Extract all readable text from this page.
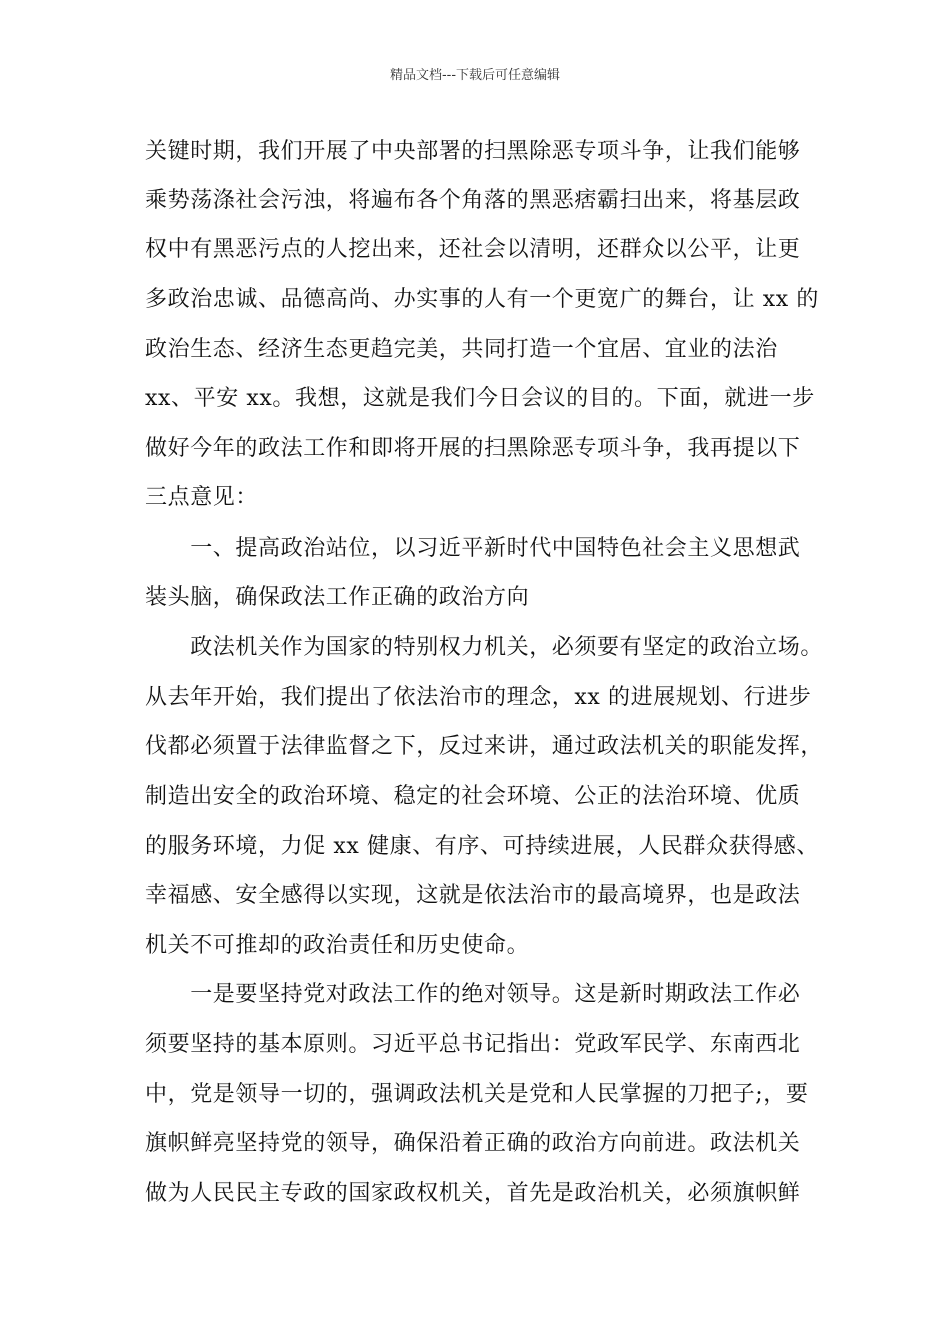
精品文档---下载后可任意编辑
关键时期，我们开展了中央部署的扫黑除恶专项斗争，让我们能够
乘势荡涤社会污浊，将遍布各个角落的黑恶痞霸扫出来，将基层政
权中有黑恶污点的人挖出来，还社会以清明，还群众以公平，让更
多政治忠诚、品德高尚、办实事的人有一个更宽广的舞台，让 xx 的
政治生态、经济生态更趋完美，共同打造一个宜居、宜业的法治
xx、平安 xx。我想，这就是我们今日会议的目的。下面，就进一步
做好今年的政法工作和即将开展的扫黑除恶专项斗争，我再提以下
三点意见：
　　一、提高政治站位，以习近平新时代中国特色社会主义思想武
装头脑，确保政法工作正确的政治方向
　　政法机关作为国家的特别权力机关，必须要有坚定的政治立场。
从去年开始，我们提出了依法治市的理念，xx 的进展规划、行进步
伐都必须置于法律监督之下，反过来讲，通过政法机关的职能发挥，
制造出安全的政治环境、稳定的社会环境、公正的法治环境、优质
的服务环境，力促 xx 健康、有序、可持续进展，人民群众获得感、
幸福感、安全感得以实现，这就是依法治市的最高境界，也是政法
机关不可推却的政治责任和历史使命。
　　一是要坚持党对政法工作的绝对领导。这是新时期政法工作必
须要坚持的基本原则。习近平总书记指出：党政军民学、东南西北
中，党是领导一切的，强调政法机关是党和人民掌握的刀把子;，要
旗帜鲜亮坚持党的领导，确保沿着正确的政治方向前进。政法机关
做为人民民主专政的国家政权机关，首先是政治机关，必须旗帜鲜
